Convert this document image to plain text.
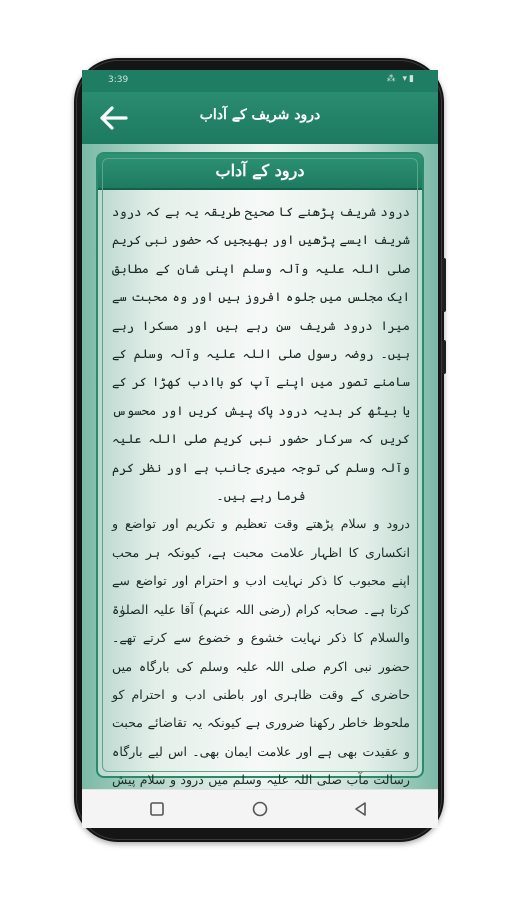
3:39	⁂ ▾▮
درود شریف کے آداب
درود کے آداب

درود شریف پڑھنے کا صحیح طریقہ یہ ہے کہ درود شریف ایسے پڑھیں اور بھیجیں کہ حضور نبی کریم صلی اللہ علیہ وآلہ وسلم اپنی شان کے مطابق ایک مجلس میں جلوہ افروز ہیں اور وہ محبت سے میرا درود شریف سن رہے ہیں اور مسکرا رہے ہیں۔ روضہ رسول صلی اللہ علیہ وآلہ وسلم کے سامنے تصور میں اپنے آپ کو باادب کھڑا کر کے یا بیٹھ کر ہدیہ درود پاک پیش کریں اور محسوس کریں کہ سرکار حضور نبی کریم صلی اللہ علیہ وآلہ وسلم کی توجہ میری جانب ہے اور نظر کرم فرما رہے ہیں۔

درود و سلام پڑھتے وقت تعظیم و تکریم اور تواضع و انکساری کا اظہار علامت محبت ہے، کیونکہ ہر محب اپنے محبوب کا ذکر نہایت ادب و احترام اور تواضع سے کرتا ہے۔ صحابہ کرام (رضی اللہ عنہم) آقا علیہ الصلوٰۃ والسلام کا ذکر نہایت خشوع و خضوع سے کرتے تھے۔ حضور نبی اکرم صلی اللہ علیہ وسلم کی بارگاہ میں حاضری کے وقت ظاہری اور باطنی ادب و احترام کو ملحوظ خاطر رکھنا ضروری ہے کیونکہ یہ تقاضائے محبت و عقیدت بھی ہے اور علامت ایمان بھی۔ اس لیے بارگاہ رسالت مآب صلی اللہ علیہ وسلم میں درود و سلام پیش
